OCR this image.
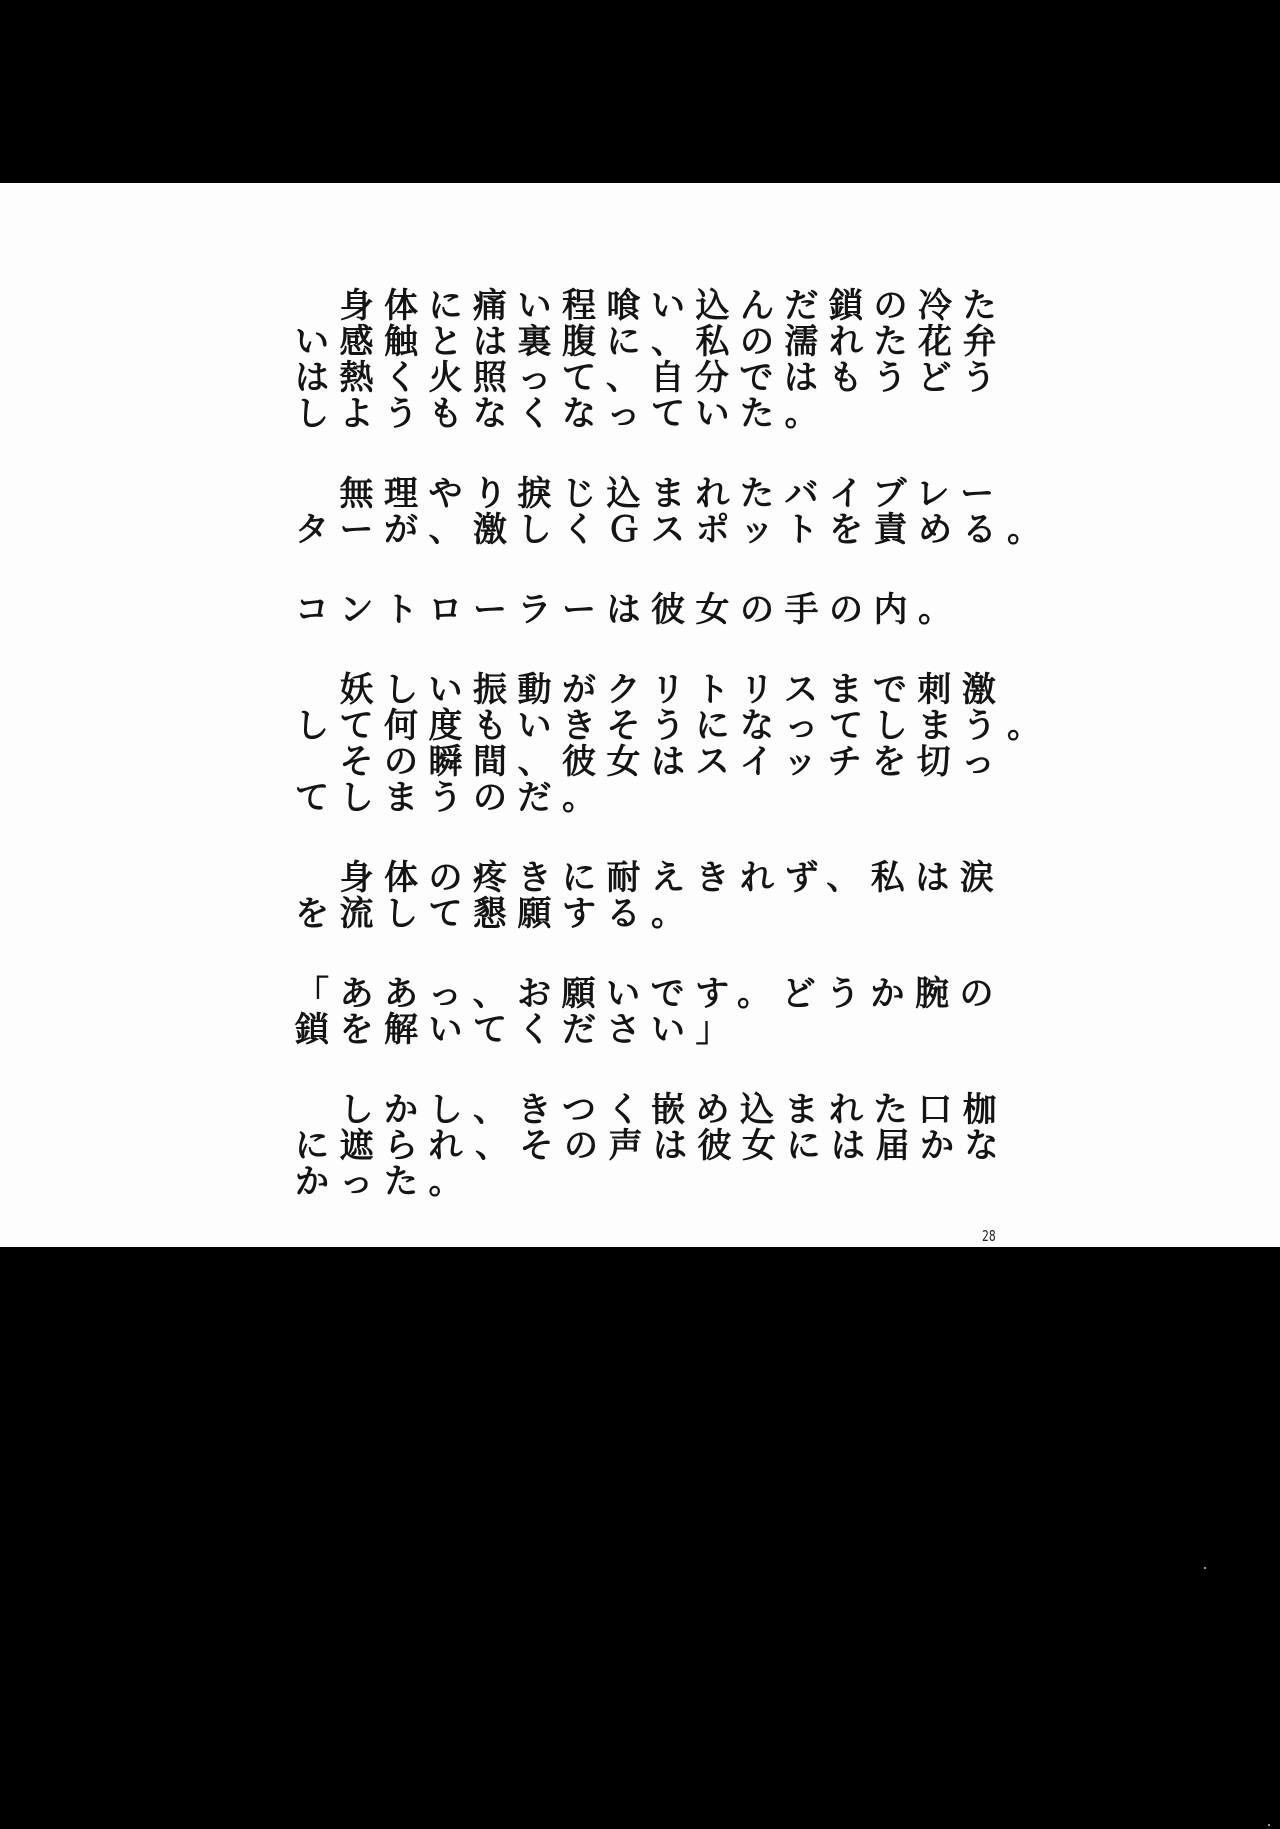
　身体に痛い程喰い込んだ鎖の冷た
い感触とは裏腹に、私の濡れた花弁
は熱く火照って、自分ではもうどう
しようもなくなっていた。
　無理やり捩じ込まれたバイブレー
ターが、激しくＧスポットを責める。
コントローラーは彼女の手の内。
　妖しい振動がクリトリスまで刺激
して何度もいきそうになってしまう。
　その瞬間、彼女はスイッチを切っ
てしまうのだ。
　身体の疼きに耐えきれず、私は涙
を流して懇願する。
「ああっ、お願いです。どうか腕の
鎖を解いてください」
　しかし、きつく嵌め込まれた口枷
に遮られ、その声は彼女には届かな
かった。
28
